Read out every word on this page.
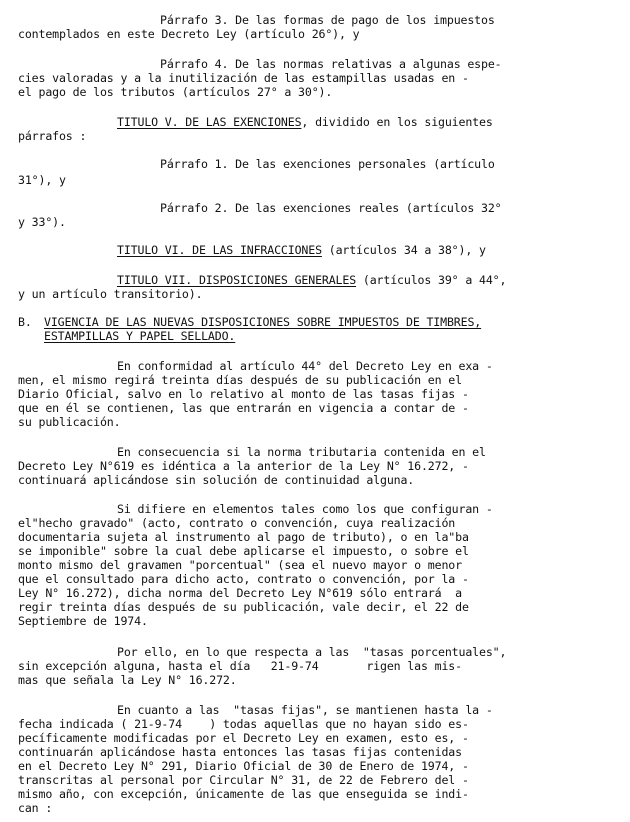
Párrafo 3. De las formas de pago de los impuestos
contemplados en este Decreto Ley (artículo 26°), y
Párrafo 4. De las normas relativas a algunas espe-
cies valoradas y a la inutilización de las estampillas usadas en -
el pago de los tributos (artículos 27° a 30°).
TITULO V. DE LAS EXENCIONES, dividido en los siguientes
párrafos :
Párrafo 1. De las exenciones personales (artículo
31°), y
Párrafo 2. De las exenciones reales (artículos 32°
y 33°).
TITULO VI. DE LAS INFRACCIONES (artículos 34 a 38°), y
TITULO VII. DISPOSICIONES GENERALES (artículos 39° a 44°,
y un artículo transitorio).
B. VIGENCIA DE LAS NUEVAS DISPOSICIONES SOBRE IMPUESTOS DE TIMBRES,
ESTAMPILLAS Y PAPEL SELLADO.
En conformidad al artículo 44° del Decreto Ley en exa -
men, el mismo regirá treinta días después de su publicación en el
Diario Oficial, salvo en lo relativo al monto de las tasas fijas -
que en él se contienen, las que entrarán en vigencia a contar de -
su publicación.
En consecuencia si la norma tributaria contenida en el
Decreto Ley N°619 es idéntica a la anterior de la Ley N° 16.272, -
continuará aplicándose sin solución de continuidad alguna.
Si difiere en elementos tales como los que configuran -
el"hecho gravado" (acto, contrato o convención, cuya realización
documentaria sujeta al instrumento al pago de tributo), o en la"ba
se imponible" sobre la cual debe aplicarse el impuesto, o sobre el
monto mismo del gravamen "porcentual" (sea el nuevo mayor o menor
que el consultado para dicho acto, contrato o convención, por la -
Ley N° 16.272), dicha norma del Decreto Ley N°619 sólo entrará  a
regir treinta días después de su publicación, vale decir, el 22 de
Septiembre de 1974.
Por ello, en lo que respecta a las  "tasas porcentuales",
sin excepción alguna, hasta el día   21-9-74       rigen las mis-
mas que señala la Ley N° 16.272.
En cuanto a las  "tasas fijas", se mantienen hasta la -
fecha indicada ( 21-9-74    ) todas aquellas que no hayan sido es-
pecíficamente modificadas por el Decreto Ley en examen, esto es, -
continuarán aplicándose hasta entonces las tasas fijas contenidas
en el Decreto Ley N° 291, Diario Oficial de 30 de Enero de 1974, -
transcritas al personal por Circular N° 31, de 22 de Febrero del -
mismo año, con excepción, únicamente de las que enseguida se indi-
can :
